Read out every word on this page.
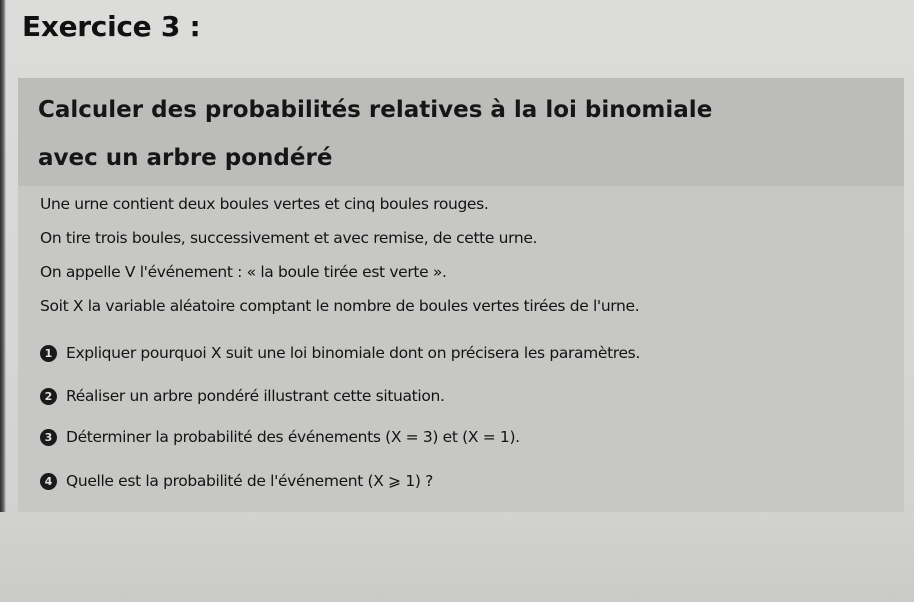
Exercice 3 :
Calculer des probabilités relatives à la loi binomiale
avec un arbre pondéré
Une urne contient deux boules vertes et cinq boules rouges.
On tire trois boules, successivement et avec remise, de cette urne.
On appelle V l'événement : « la boule tirée est verte ».
Soit X la variable aléatoire comptant le nombre de boules vertes tirées de l'urne.
1 Expliquer pourquoi X suit une loi binomiale dont on précisera les paramètres.
2 Réaliser un arbre pondéré illustrant cette situation.
3 Déterminer la probabilité des événements (X = 3) et (X = 1).
4 Quelle est la probabilité de l'événement (X ⩾ 1) ?
